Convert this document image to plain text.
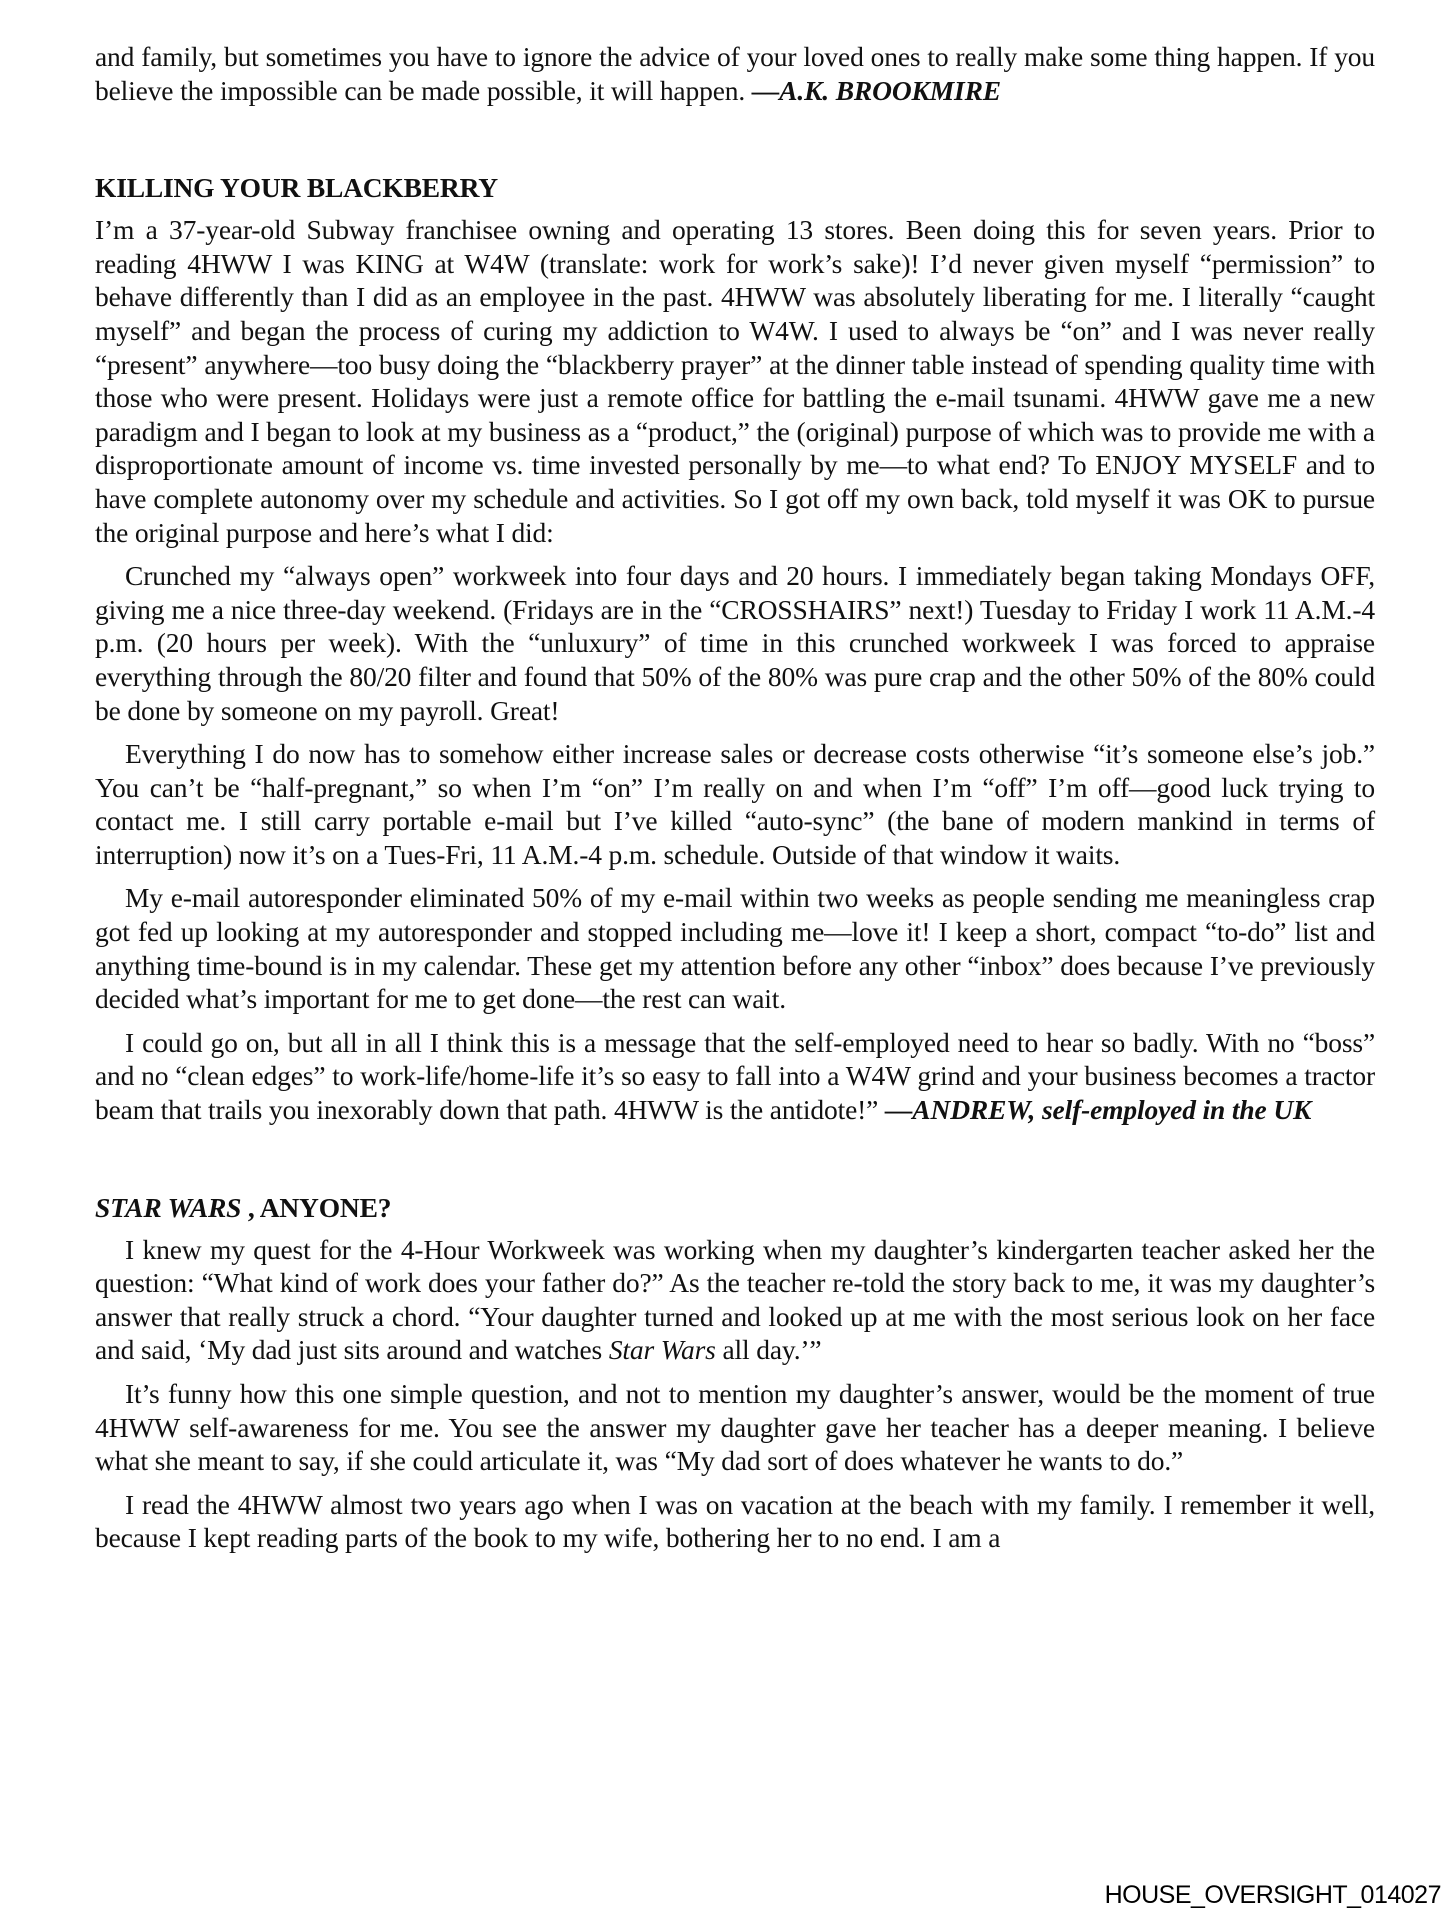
and family, but sometimes you have to ignore the advice of your loved ones to really make some thing happen. If you believe the impossible can be made possible, it will happen. —A.K. BROOKMIRE

KILLING YOUR BLACKBERRY

I’m a 37-year-old Subway franchisee owning and operating 13 stores. Been doing this for seven years. Prior to reading 4HWW I was KING at W4W (translate: work for work’s sake)! I’d never given myself “permission” to behave differently than I did as an employee in the past. 4HWW was absolutely liberating for me. I literally “caught myself” and began the process of curing my addiction to W4W. I used to always be “on” and I was never really “present” anywhere—too busy doing the “blackberry prayer” at the dinner table instead of spending quality time with those who were present. Holidays were just a remote office for battling the e-mail tsunami. 4HWW gave me a new paradigm and I began to look at my business as a “product,” the (original) purpose of which was to provide me with a disproportionate amount of income vs. time invested personally by me—to what end? To ENJOY MYSELF and to have complete autonomy over my schedule and activities. So I got off my own back, told myself it was OK to pursue the original purpose and here’s what I did:

Crunched my “always open” workweek into four days and 20 hours. I immediately began taking Mondays OFF, giving me a nice three-day weekend. (Fridays are in the “CROSSHAIRS” next!) Tuesday to Friday I work 11 A.M.-4 p.m. (20 hours per week). With the “unluxury” of time in this crunched workweek I was forced to appraise everything through the 80/20 filter and found that 50% of the 80% was pure crap and the other 50% of the 80% could be done by someone on my payroll. Great!

Everything I do now has to somehow either increase sales or decrease costs otherwise “it’s someone else’s job.” You can’t be “half-pregnant,” so when I’m “on” I’m really on and when I’m “off” I’m off—good luck trying to contact me. I still carry portable e-mail but I’ve killed “auto-sync” (the bane of modern mankind in terms of interruption) now it’s on a Tues-Fri, 11 A.M.-4 p.m. schedule. Outside of that window it waits.

My e-mail autoresponder eliminated 50% of my e-mail within two weeks as people sending me meaningless crap got fed up looking at my autoresponder and stopped including me—love it! I keep a short, compact “to-do” list and anything time-bound is in my calendar. These get my attention before any other “inbox” does because I’ve previously decided what’s important for me to get done—the rest can wait.

I could go on, but all in all I think this is a message that the self-employed need to hear so badly. With no “boss” and no “clean edges” to work-life/home-life it’s so easy to fall into a W4W grind and your business becomes a tractor beam that trails you inexorably down that path. 4HWW is the antidote!” —ANDREW, self-employed in the UK

STAR WARS , ANYONE?

I knew my quest for the 4-Hour Workweek was working when my daughter’s kindergarten teacher asked her the question: “What kind of work does your father do?” As the teacher re-told the story back to me, it was my daughter’s answer that really struck a chord. “Your daughter turned and looked up at me with the most serious look on her face and said, ‘My dad just sits around and watches Star Wars all day.’”

It’s funny how this one simple question, and not to mention my daughter’s answer, would be the moment of true 4HWW self-awareness for me. You see the answer my daughter gave her teacher has a deeper meaning. I believe what she meant to say, if she could articulate it, was “My dad sort of does whatever he wants to do.”

I read the 4HWW almost two years ago when I was on vacation at the beach with my family. I remember it well, because I kept reading parts of the book to my wife, bothering her to no end. I am a

HOUSE_OVERSIGHT_014027
